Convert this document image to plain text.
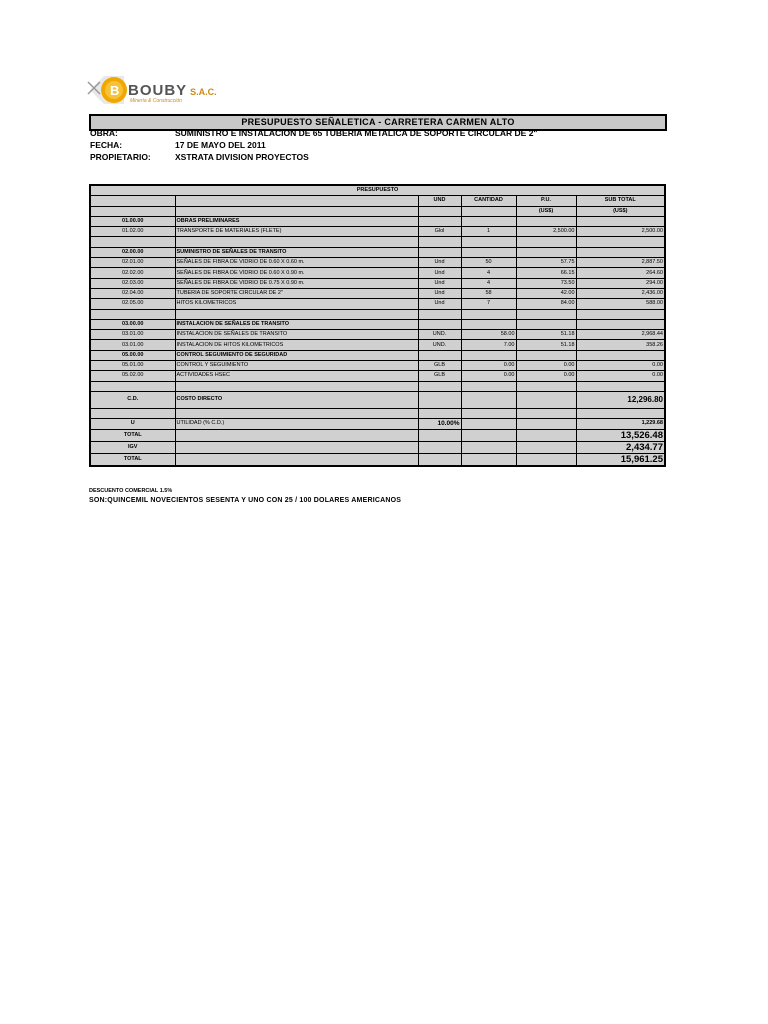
B BOUBY S.A.C.
Minería & Construcción
PRESUPUESTO SEÑALETICA - CARRETERA CARMEN ALTO
OBRA:	SUMINISTRO E INSTALACION DE 65 TUBERIA METALICA DE SOPORTE CIRCULAR DE 2"
FECHA:	17 DE MAYO DEL 2011
PROPIETARIO:	XSTRATA DIVISION PROYECTOS
PRESUPUESTO					
		UND	CANTIDAD	P.U.	SUB TOTAL
				(US$)	(US$)
01.00.00	OBRAS PRELIMINARES				
01.02.00	TRANSPORTE DE MATERIALES (FLETE)	Glol	1	2,500.00	2,500.00

02.00.00	SUMINISTRO DE SEÑALES DE TRANSITO				
02.01.00	SEÑALES DE FIBRA DE VIDRIO DE 0.60 X 0.60 m.	Und	50	57.75	2,887.50
02.02.00	SEÑALES DE FIBRA DE VIDRIO DE 0.60 X 0.90 m.	Und	4	66.15	264.60
02.03.00	SEÑALES DE FIBRA DE VIDRIO DE 0.75 X 0.90 m.	Und	4	73.50	294.00
02.04.00	TUBERIA DE SOPORTE CIRCULAR DE 2"	Und	58	42.00	2,436.00
02.05.00	HITOS KILOMETRICOS	Und	7	84.00	588.00

03.00.00	INSTALACION DE SEÑALES DE TRANSITO				
03.01.00	INSTALACION DE SEÑALES DE TRANSITO	UND.	58.00	51.18	2,968.44
03.01.00	INSTALACION DE HITOS KILOMETRICOS	UND.	7.00	51.18	358.26
05.00.00	CONTROL SEGUIMIENTO DE SEGURIDAD				
05.01.00	CONTROL Y SEGUIMIENTO	GLB	0.00	0.00	0.00
05.02.00	ACTIVIDADES HSEC	GLB	0.00	0.00	0.00

C.D.	COSTO DIRECTO				12,296.80

U	UTILIDAD (% C.D.)	10.00%			1,229.68
TOTAL					13,526.48
IGV					2,434.77
TOTAL					15,961.25
DESCUENTO COMERCIAL 1.5%
SON:QUINCEMIL NOVECIENTOS SESENTA Y UNO CON 25 / 100 DOLARES AMERICANOS
